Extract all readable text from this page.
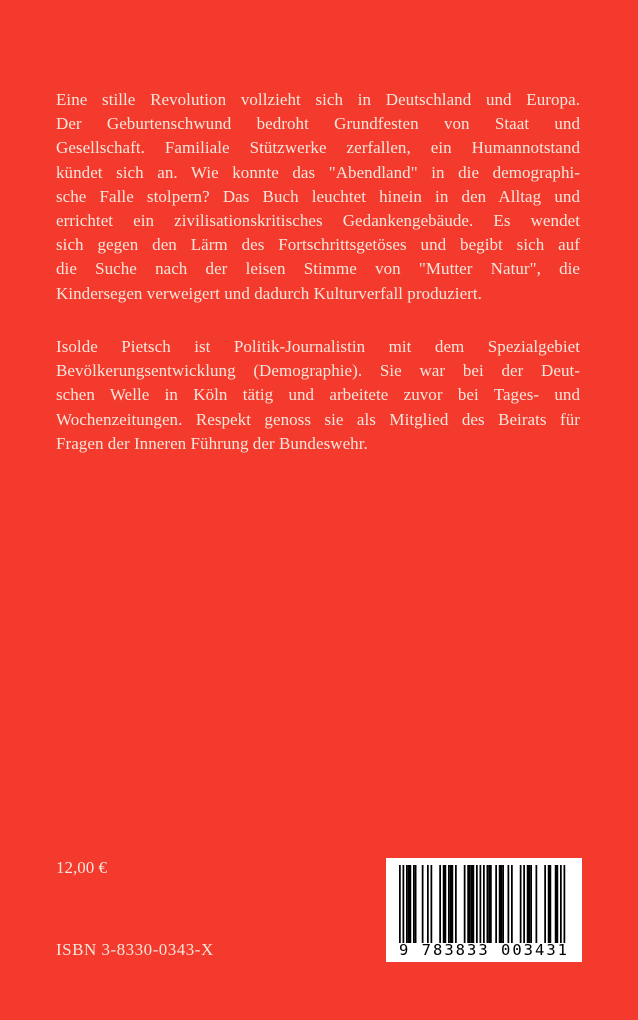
Eine stille Revolution vollzieht sich in Deutschland und Europa.
Der Geburtenschwund bedroht Grundfesten von Staat und
Gesellschaft. Familiale Stützwerke zerfallen, ein Humannotstand
kündet sich an. Wie konnte das "Abendland" in die demographi-
sche Falle stolpern? Das Buch leuchtet hinein in den Alltag und
errichtet ein zivilisationskritisches Gedankengebäude. Es wendet
sich gegen den Lärm des Fortschrittsgetöses und begibt sich auf
die Suche nach der leisen Stimme von "Mutter Natur", die
Kindersegen verweigert und dadurch Kulturverfall produziert.
Isolde Pietsch ist Politik-Journalistin mit dem Spezialgebiet
Bevölkerungsentwicklung (Demographie). Sie war bei der Deut-
schen Welle in Köln tätig und arbeitete zuvor bei Tages- und
Wochenzeitungen. Respekt genoss sie als Mitglied des Beirats für
Fragen der Inneren Führung der Bundeswehr.
12,00 €
ISBN 3-8330-0343-X	9 783833 003431
